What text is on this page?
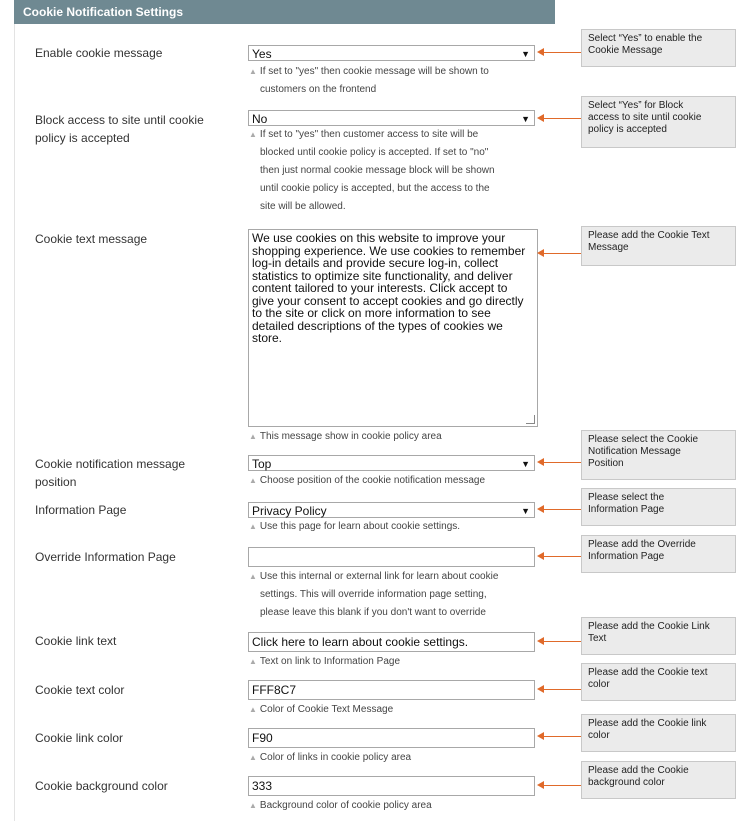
Cookie Notification Settings
Enable cookie message	Yes	▼
▲ If set to "yes" then cookie message will be shown to
customers on the frontend
Block access to site until cookie
policy is accepted
No	▼
▲ If set to "yes" then customer access to site will be
blocked until cookie policy is accepted. If set to "no"
then just normal cookie message block will be shown
until cookie policy is accepted, but the access to the
site will be allowed.
Cookie text message	We use cookies on this website to improve your
shopping experience. We use cookies to remember
log-in details and provide secure log-in, collect
statistics to optimize site functionality, and deliver
content tailored to your interests. Click accept to
give your consent to accept cookies and go directly
to the site or click on more information to see
detailed descriptions of the types of cookies we
store.
▲ This message show in cookie policy area
Cookie notification message
position
Top	▼
▲ Choose position of the cookie notification message
Information Page	Privacy Policy	▼
▲ Use this page for learn about cookie settings.
Override Information Page
▲ Use this internal or external link for learn about cookie
settings. This will override information page setting,
please leave this blank if you don't want to override
Cookie link text	Click here to learn about cookie settings.
▲ Text on link to Information Page
Cookie text color	FFF8C7
▲ Color of Cookie Text Message
Cookie link color	F90
▲ Color of links in cookie policy area
Cookie background color	333
▲ Background color of cookie policy area
Select “Yes” to enable the
Cookie Message
Select “Yes” for Block
access to site until cookie
policy is accepted
Please add the Cookie Text
Message
Please select the Cookie
Notification Message
Position
Please select the
Information Page
Please add the Override
Information Page
Please add the Cookie Link
Text
Please add the Cookie text
color
Please add the Cookie link
color
Please add the Cookie
background color
